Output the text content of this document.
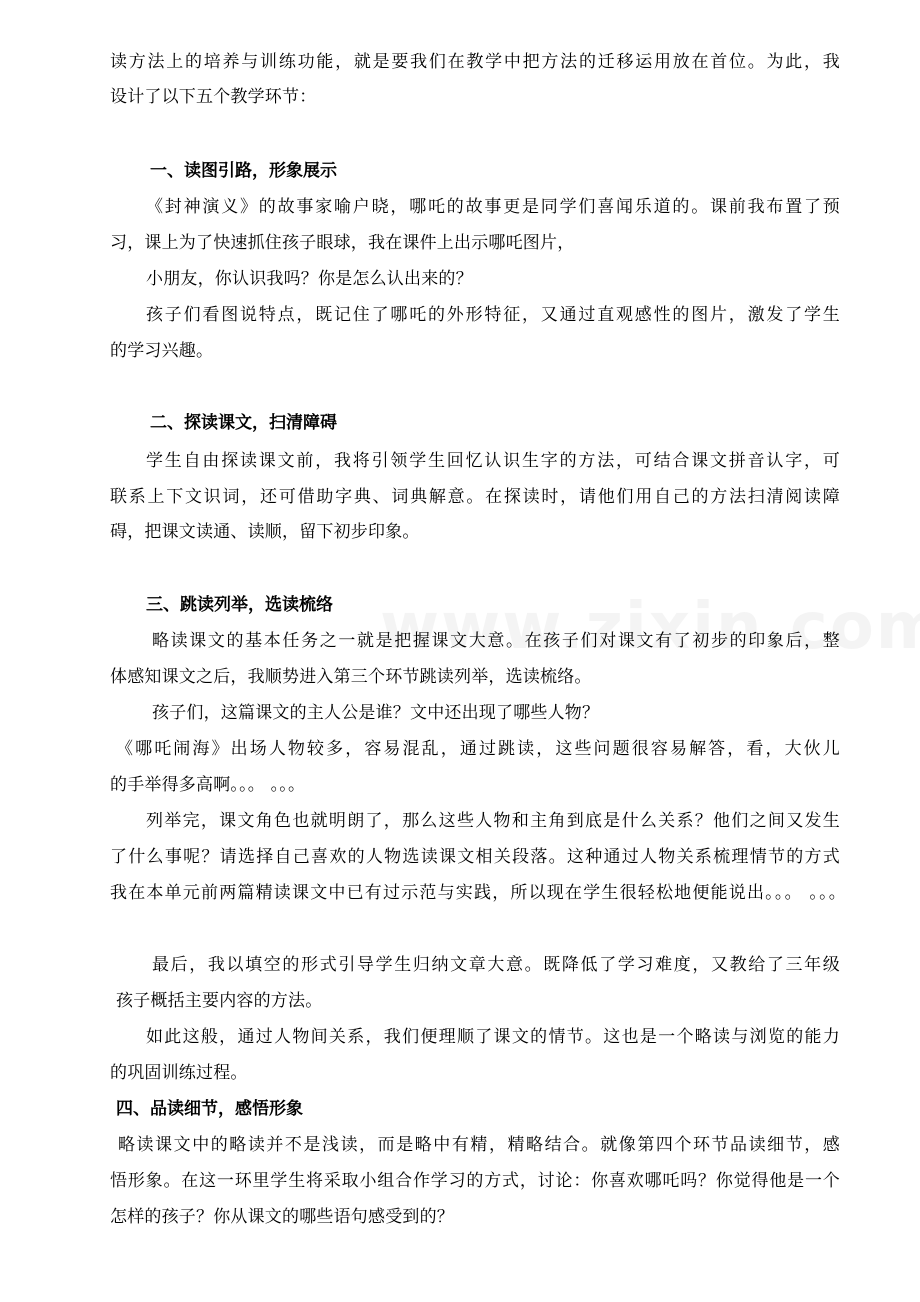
读方法上的培养与训练功能，就是要我们在教学中把方法的迁移运用放在首位。为此，我
设计了以下五个教学环节：
一、读图引路，形象展示
《封神演义》的故事家喻户晓，哪吒的故事更是同学们喜闻乐道的。课前我布置了预
习，课上为了快速抓住孩子眼球，我在课件上出示哪吒图片，
小朋友，你认识我吗？你是怎么认出来的？
孩子们看图说特点，既记住了哪吒的外形特征，又通过直观感性的图片，激发了学生
的学习兴趣。
二、探读课文，扫清障碍
学生自由探读课文前，我将引领学生回忆认识生字的方法，可结合课文拼音认字，可
联系上下文识词，还可借助字典、词典解意。在探读时，请他们用自己的方法扫清阅读障
碍，把课文读通、读顺，留下初步印象。
三、跳读列举，选读梳络
略读课文的基本任务之一就是把握课文大意。在孩子们对课文有了初步的印象后，整
体感知课文之后，我顺势进入第三个环节跳读列举，选读梳络。
孩子们，这篇课文的主人公是谁？文中还出现了哪些人物？
《哪吒闹海》出场人物较多，容易混乱，通过跳读，这些问题很容易解答，看，大伙儿
的手举得多高啊。。。 。。。
列举完，课文角色也就明朗了，那么这些人物和主角到底是什么关系？他们之间又发生
了什么事呢？请选择自己喜欢的人物选读课文相关段落。这种通过人物关系梳理情节的方式
我在本单元前两篇精读课文中已有过示范与实践，所以现在学生很轻松地便能说出。。。 。。。
最后，我以填空的形式引导学生归纳文章大意。既降低了学习难度，又教给了三年级
孩子概括主要内容的方法。
如此这般，通过人物间关系，我们便理顺了课文的情节。这也是一个略读与浏览的能力
的巩固训练过程。
四、品读细节，感悟形象
略读课文中的略读并不是浅读，而是略中有精，精略结合。就像第四个环节品读细节，感
悟形象。在这一环里学生将采取小组合作学习的方式，讨论：你喜欢哪吒吗？你觉得他是一个
怎样的孩子？你从课文的哪些语句感受到的？
